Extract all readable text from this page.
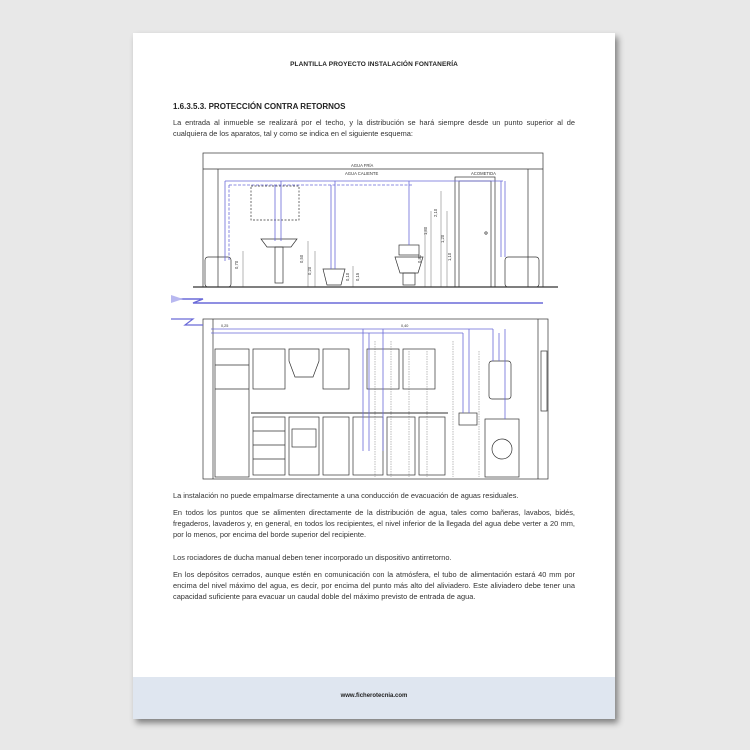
PLANTILLA PROYECTO INSTALACIÓN FONTANERÍA
1.6.3.5.3. PROTECCIÓN CONTRA RETORNOS
La entrada al inmueble se realizará por el techo, y la distribución se hará siempre desde un punto superior al de cualquiera de los aparatos, tal y como se indica en el siguiente esquema:
AGUA FRÍA
AGUA CALIENTE	ACOMETIDA
0,70
0,50
0,20
0,10 0,15
0,80
1,80
2,10
1,20
1,10
0,25	0,40
La instalación no puede empalmarse directamente a una conducción de evacuación de aguas residuales.
En todos los puntos que se alimenten directamente de la distribución de agua, tales como bañeras, lavabos, bidés, fregaderos, lavaderos y, en general, en todos los recipientes, el nivel inferior de la llegada del agua debe verter a 20 mm, por lo menos, por encima del borde superior del recipiente.
Los rociadores de ducha manual deben tener incorporado un dispositivo antirretorno.
En los depósitos cerrados, aunque estén en comunicación con la atmósfera, el tubo de alimentación estará 40 mm por encima del nivel máximo del agua, es decir, por encima del punto más alto del aliviadero. Este aliviadero debe tener una capacidad suficiente para evacuar un caudal doble del máximo previsto de entrada de agua.
www.ficherotecnia.com
